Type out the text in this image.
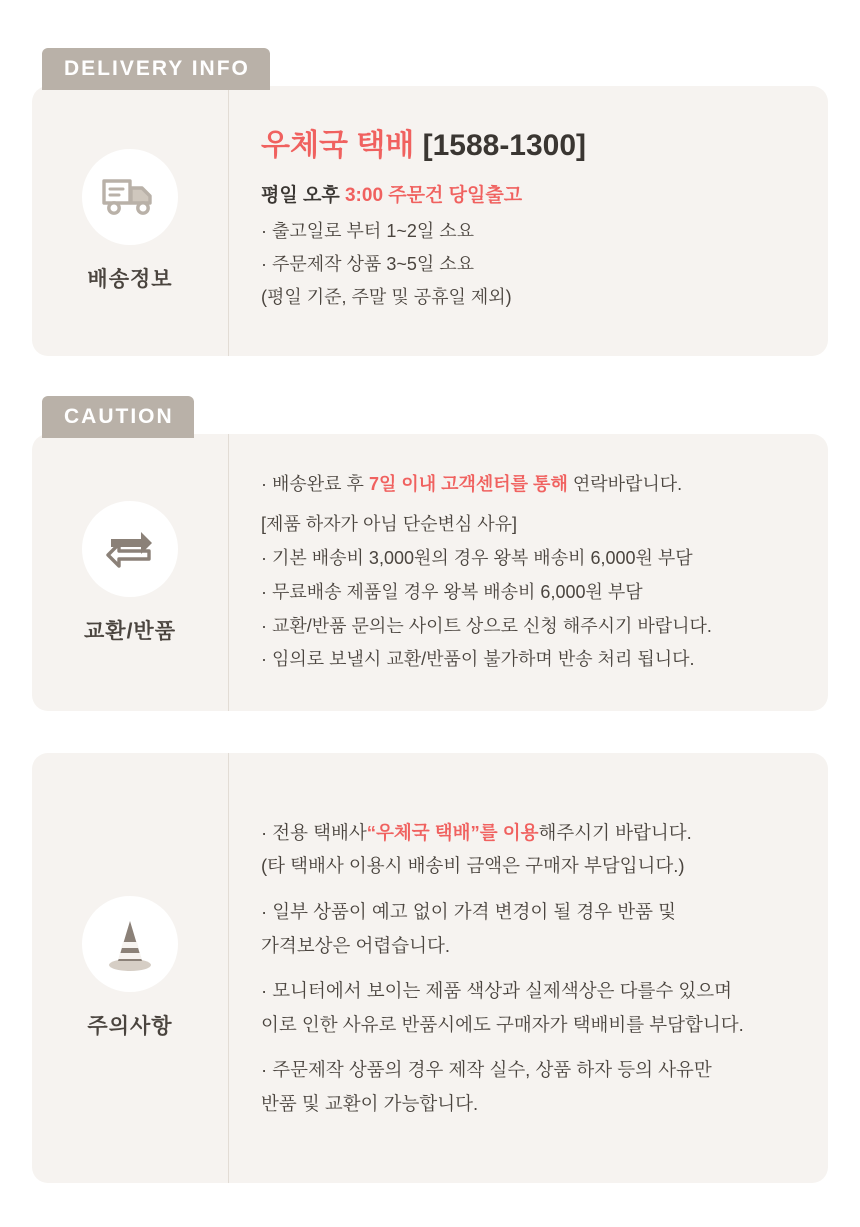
DELIVERY INFO
배송정보
우체국 택배 [1588-1300]
평일 오후 3:00 주문건 당일출고
· 출고일로 부터 1~2일 소요
· 주문제작 상품 3~5일 소요
(평일 기준, 주말 및 공휴일 제외)
CAUTION
교환/반품
· 배송완료 후 7일 이내 고객센터를 통해 연락바랍니다.
[제품 하자가 아님 단순변심 사유]
· 기본 배송비 3,000원의 경우 왕복 배송비 6,000원 부담
· 무료배송 제품일 경우 왕복 배송비 6,000원 부담
· 교환/반품 문의는 사이트 상으로 신청 해주시기 바랍니다.
· 임의로 보낼시 교환/반품이 불가하며 반송 처리 됩니다.
주의사항
· 전용 택배사“우체국 택배”를 이용해주시기 바랍니다.
(타 택배사 이용시 배송비 금액은 구매자 부담입니다.)
· 일부 상품이 예고 없이 가격 변경이 될 경우 반품 및
가격보상은 어렵습니다.
· 모니터에서 보이는 제품 색상과 실제색상은 다를수 있으며
이로 인한 사유로 반품시에도 구매자가 택배비를 부담합니다.
· 주문제작 상품의 경우 제작 실수, 상품 하자 등의 사유만
반품 및 교환이 가능합니다.
